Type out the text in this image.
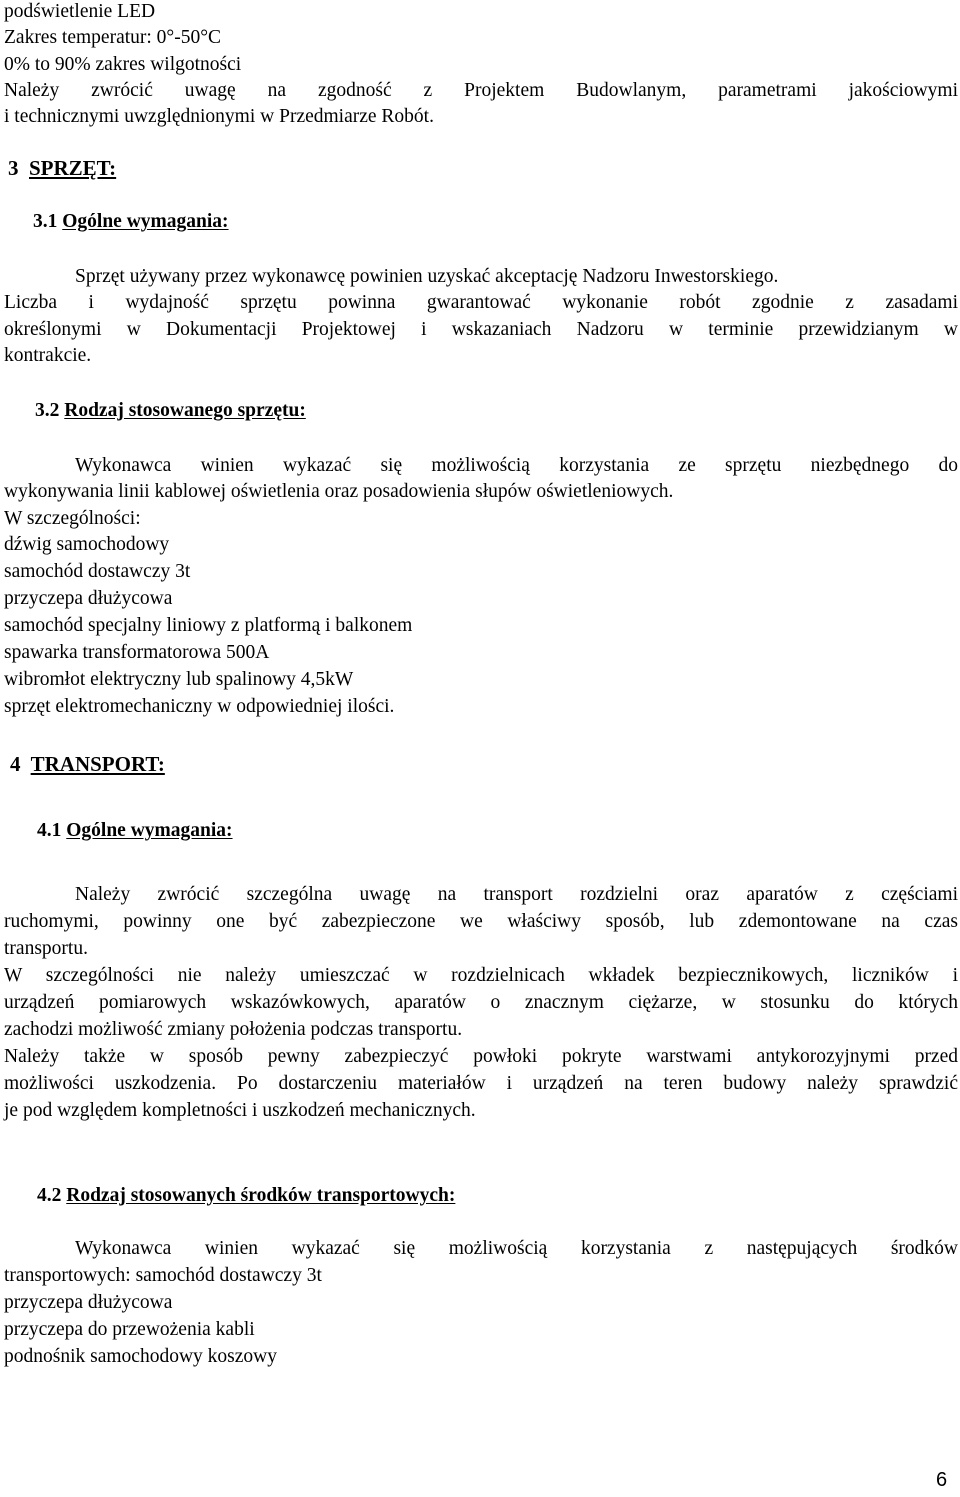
podświetlenie LED
Zakres temperatur: 0°-50°C
0% to 90% zakres wilgotności
Należy zwrócić uwagę na zgodność z Projektem Budowlanym, parametrami jakościowymi
i technicznymi uwzględnionymi w Przedmiarze Robót.
3 SPRZĘT:
3.1 Ogólne wymagania:
Sprzęt używany przez wykonawcę powinien uzyskać akceptację Nadzoru Inwestorskiego.
Liczba i wydajność sprzętu powinna gwarantować wykonanie robót zgodnie z zasadami
określonymi w Dokumentacji Projektowej i wskazaniach Nadzoru w terminie przewidzianym w
kontrakcie.
3.2 Rodzaj stosowanego sprzętu:
Wykonawca winien wykazać się możliwością korzystania ze sprzętu niezbędnego do
wykonywania linii kablowej oświetlenia oraz posadowienia słupów oświetleniowych.
W szczególności:
dźwig samochodowy
samochód dostawczy 3t
przyczepa dłużycowa
samochód specjalny liniowy z platformą i balkonem
spawarka transformatorowa 500A
wibromłot elektryczny lub spalinowy 4,5kW
sprzęt elektromechaniczny w odpowiedniej ilości.
4 TRANSPORT:
4.1 Ogólne wymagania:
Należy zwrócić szczególna uwagę na transport rozdzielni oraz aparatów z częściami
ruchomymi, powinny one być zabezpieczone we właściwy sposób, lub zdemontowane na czas
transportu.
W szczególności nie należy umieszczać w rozdzielnicach wkładek bezpiecznikowych, liczników i
urządzeń pomiarowych wskazówkowych, aparatów o znacznym ciężarze, w stosunku do których
zachodzi możliwość zmiany położenia podczas transportu.
Należy także w sposób pewny zabezpieczyć powłoki pokryte warstwami antykorozyjnymi przed
możliwości uszkodzenia. Po dostarczeniu materiałów i urządzeń na teren budowy należy sprawdzić
je pod względem kompletności i uszkodzeń mechanicznych.
4.2 Rodzaj stosowanych środków transportowych:
Wykonawca winien wykazać się możliwością korzystania z następujących środków
transportowych: samochód dostawczy 3t
przyczepa dłużycowa
przyczepa do przewożenia kabli
podnośnik samochodowy koszowy
6
